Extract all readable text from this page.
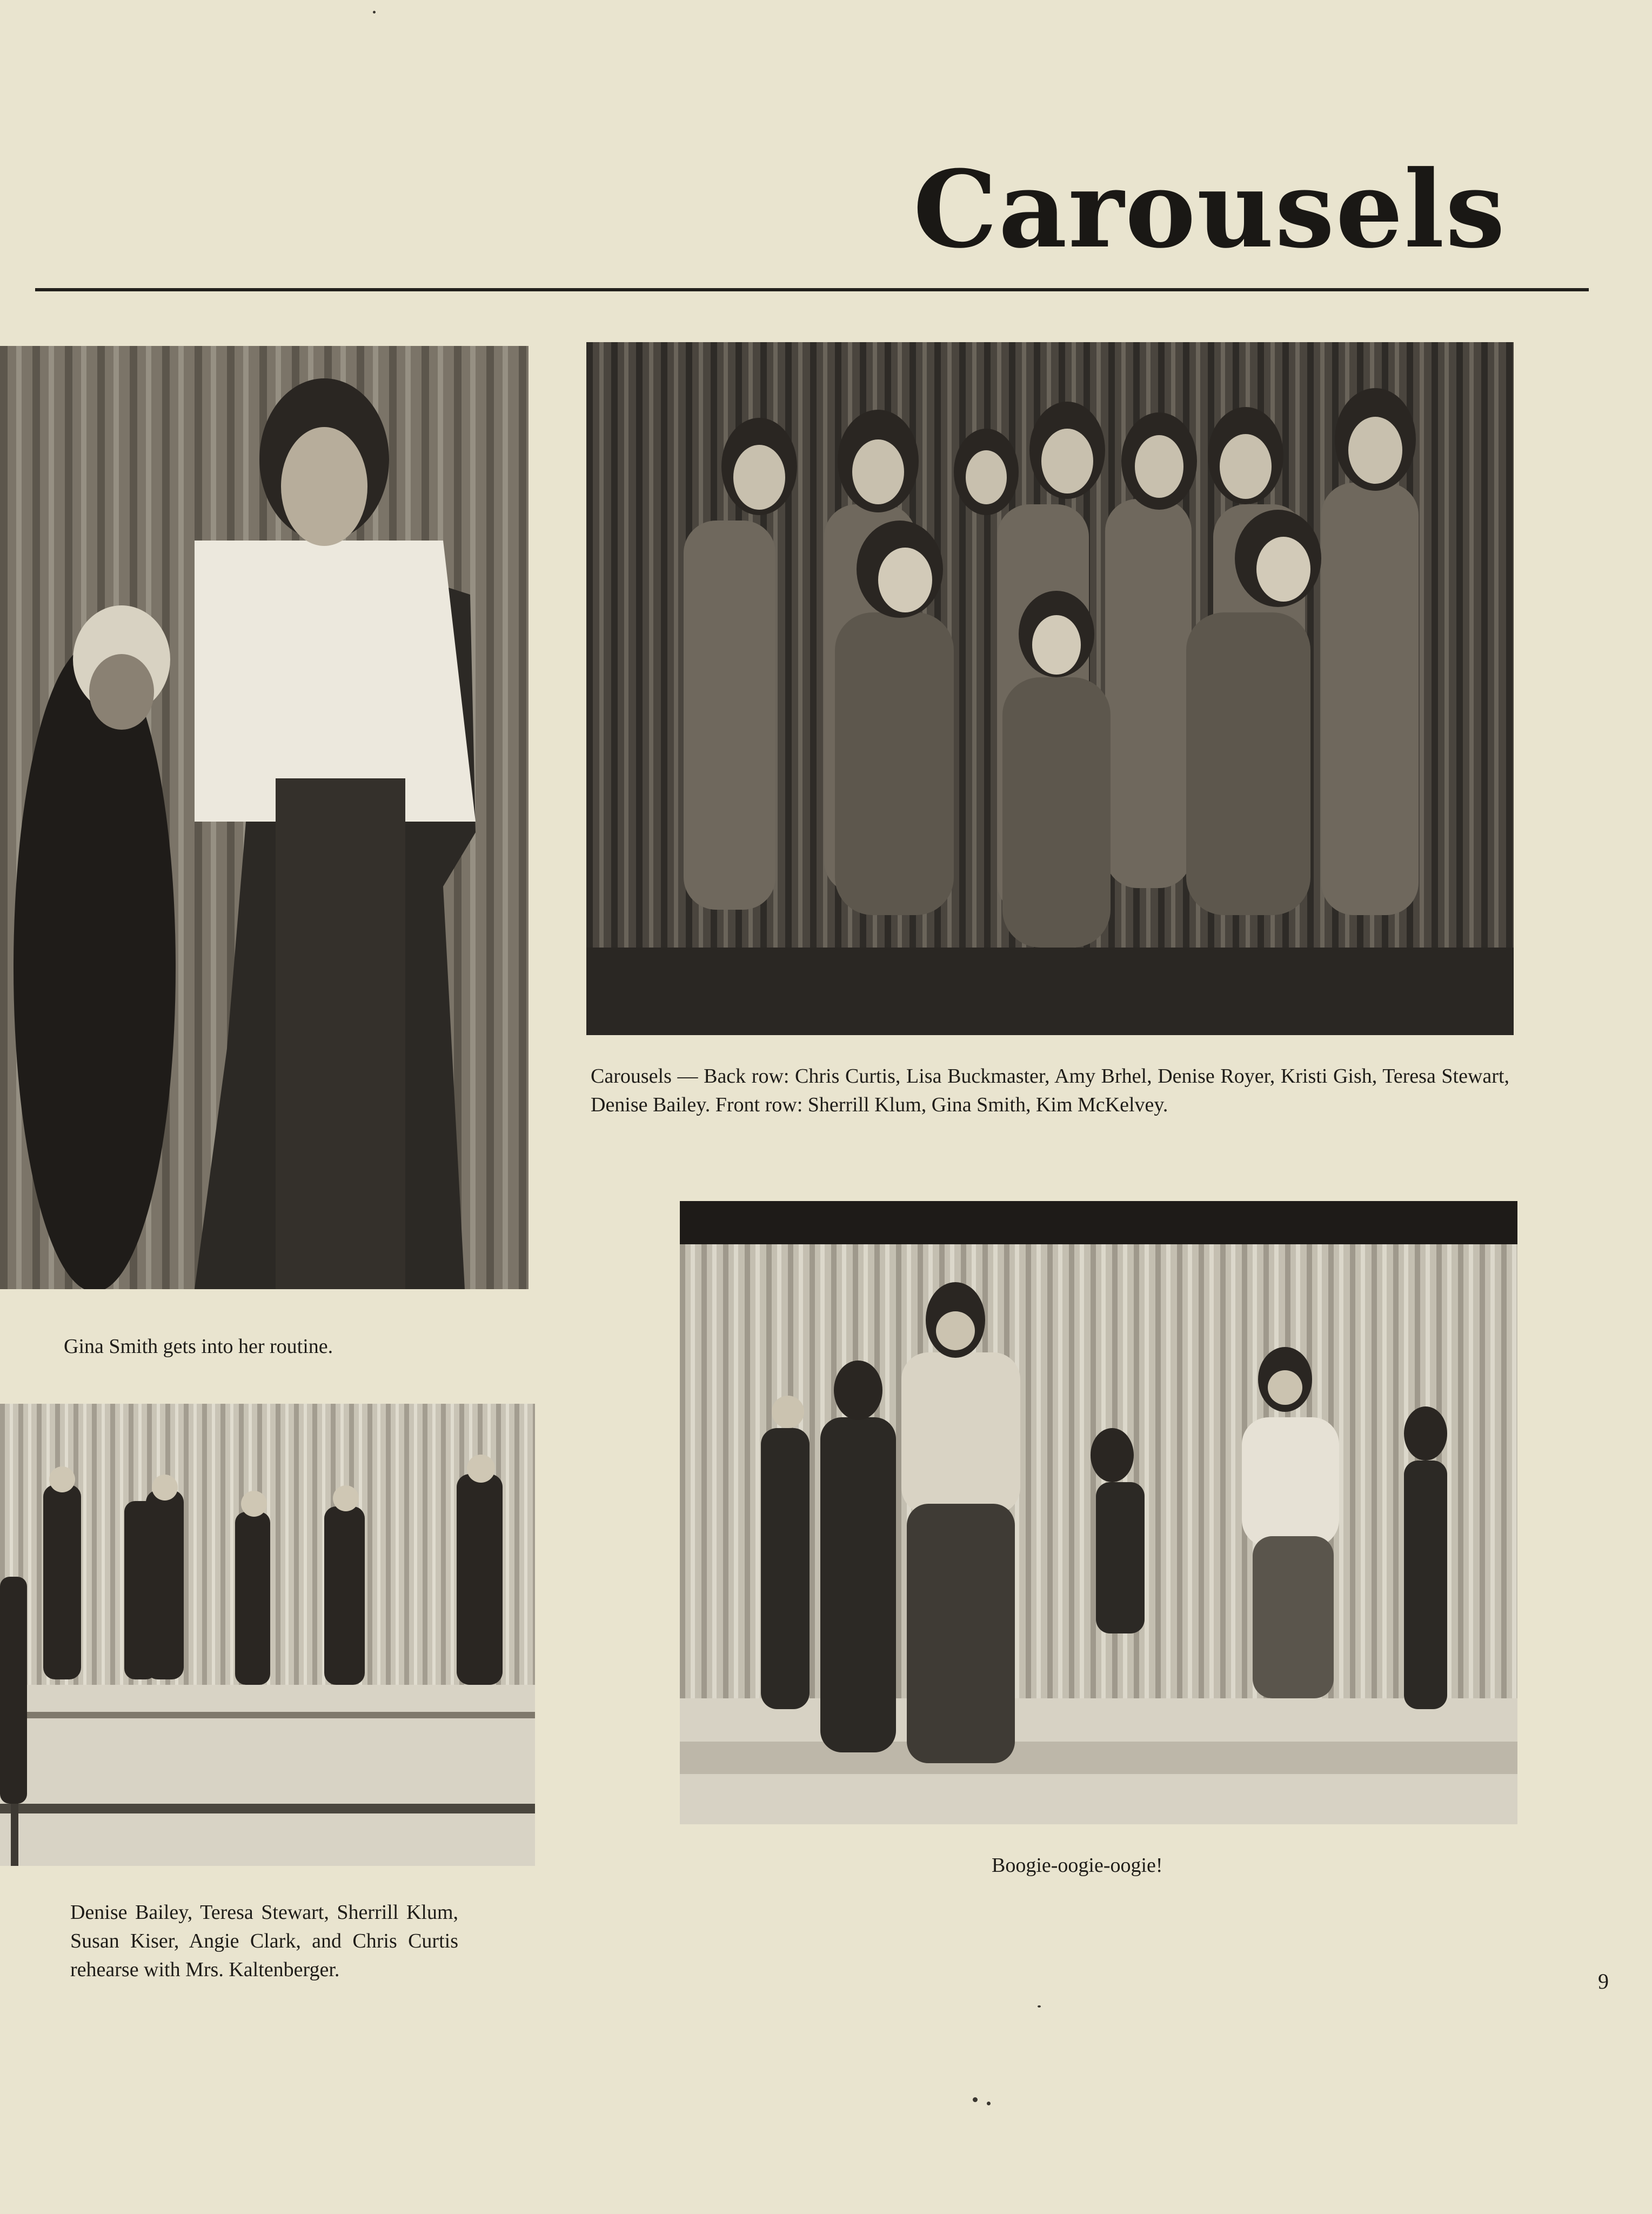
Carousels
Gina Smith gets into her routine.
Carousels — Back row: Chris Curtis, Lisa Buckmaster, Amy Brhel, Denise Royer, Kristi Gish, Teresa Stewart, Denise Bailey. Front row: Sherrill Klum, Gina Smith, Kim McKelvey.
Denise Bailey, Teresa Stewart, Sherrill Klum, Susan Kiser, Angie Clark, and Chris Curtis rehearse with Mrs. Kaltenberger.
Boogie-oogie-oogie!
9
